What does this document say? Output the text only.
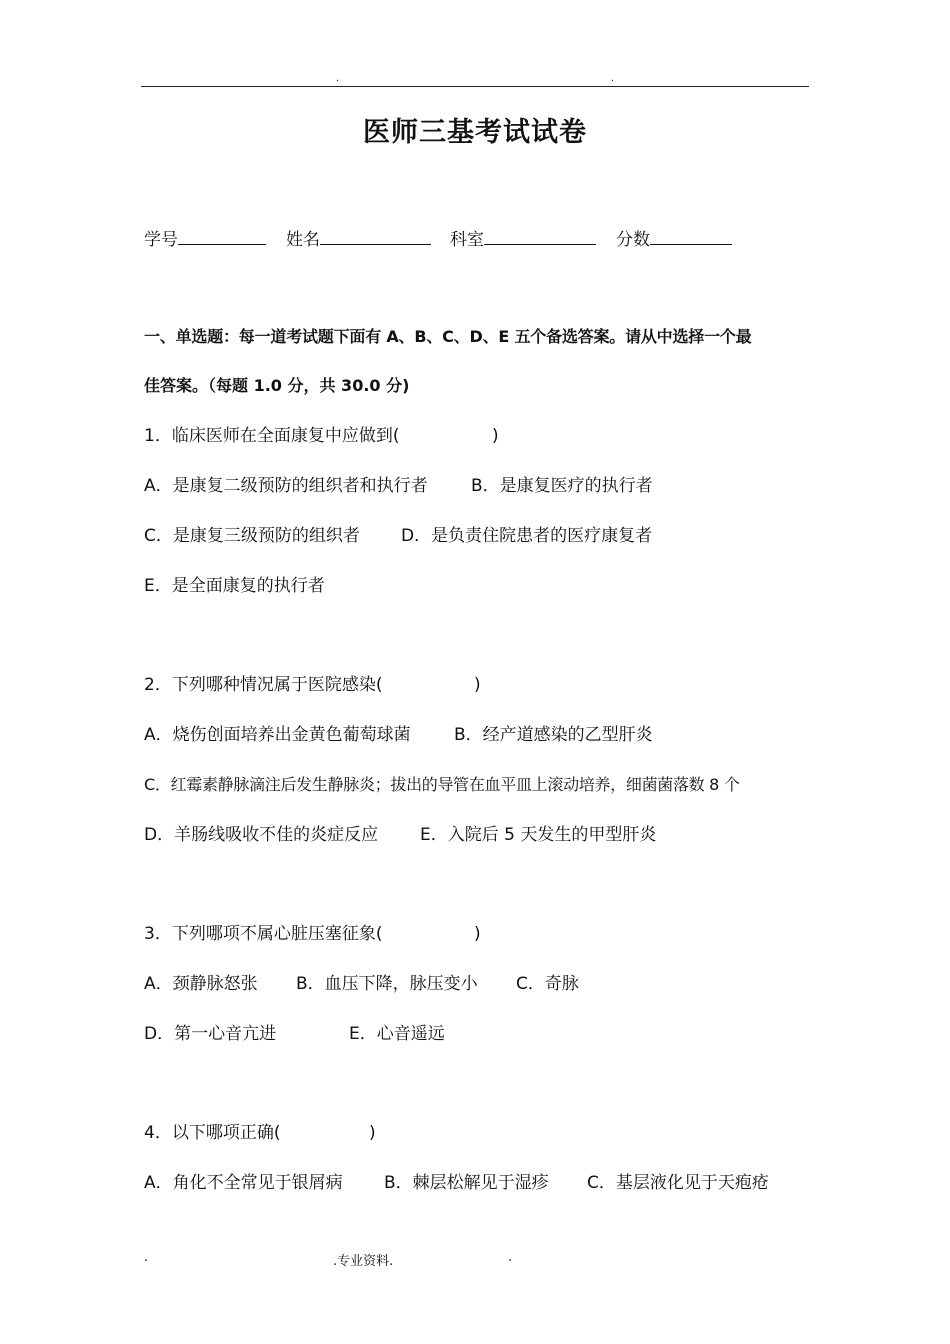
.	.
医师三基考试试卷
学号	姓名	科室	分数
一、单选题：每一道考试题下面有 A、B、C、D、E 五个备选答案。请从中选择一个最
佳答案。（每题 1.0 分，共 30.0 分)
1．临床医师在全面康复中应做到(	)
A．是康复二级预防的组织者和执行者	B．是康复医疗的执行者
C．是康复三级预防的组织者 D．是负责住院患者的医疗康复者
E．是全面康复的执行者
2．下列哪种情况属于医院感染(	)
A．烧伤创面培养出金黄色葡萄球菌	B．经产道感染的乙型肝炎
C．红霉素静脉滴注后发生静脉炎；拔出的导管在血平皿上滚动培养，细菌菌落数 8 个
D．羊肠线吸收不佳的炎症反应 E．入院后 5 天发生的甲型肝炎
3．下列哪项不属心脏压塞征象(	)
A．颈静脉怒张 B．血压下降，脉压变小 C．奇脉
D．第一心音亢进	E．心音遥远
4．以下哪项正确(	)
A．角化不全常见于银屑病 B．棘层松解见于湿疹 C．基层液化见于天疱疮
.	.专业资料.	.
